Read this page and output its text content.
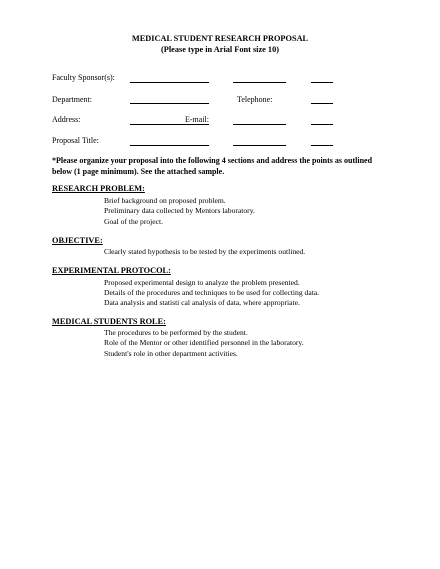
MEDICAL STUDENT RESEARCH PROPOSAL
(Please type in Arial Font size 10)
Faculty Sponsor(s):
Department:	Telephone:
Address:	E-mail:
Proposal Title:
*Please organize your proposal into the following 4 sections and address the points as outlined below (1 page minimum). See the attached sample.
RESEARCH PROBLEM:
Brief background on proposed problem.
Preliminary data collected by Mentors laboratory.
Goal of the project.
OBJECTIVE:
Clearly stated hypothesis to be tested by the experiments outlined.
EXPERIMENTAL PROTOCOL:
Proposed experimental design to analyze the problem presented.
Details of the procedures and techniques to be used for collecting data.
Data analysis and statisti cal analysis of data, where appropriate.
MEDICAL STUDENTS ROLE:
The procedures to be performed by the student.
Role of the Mentor or other identified personnel in the laboratory.
Student's role in other department activities.
